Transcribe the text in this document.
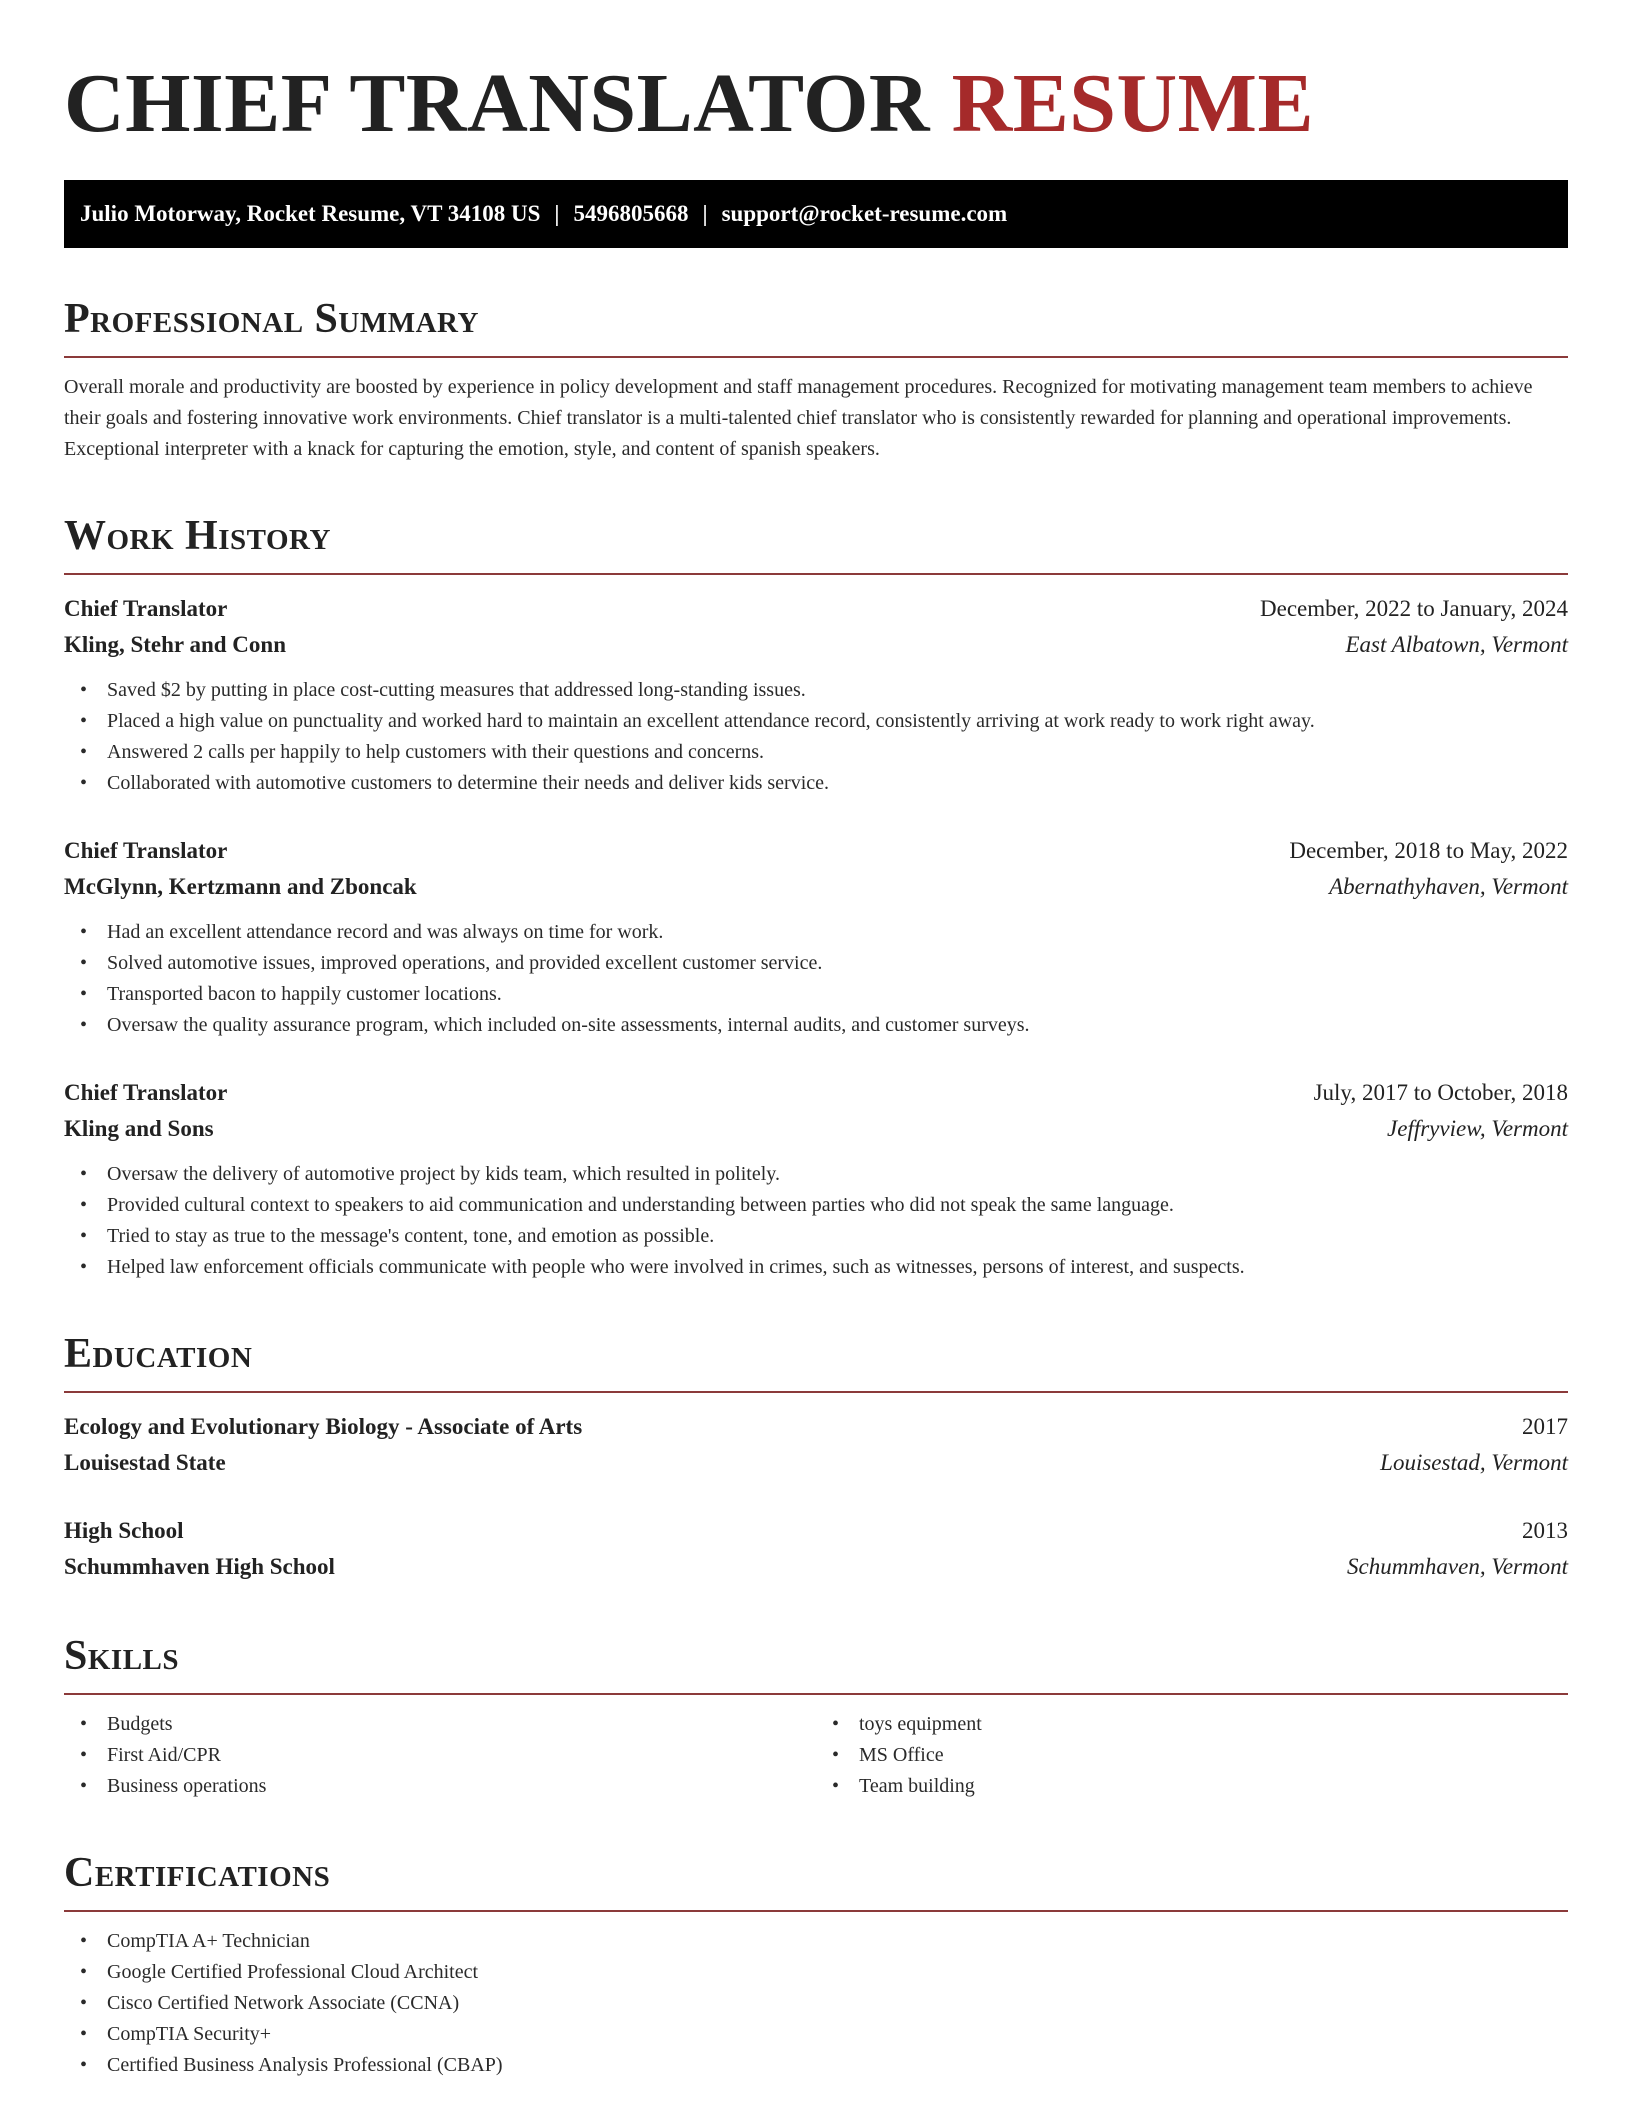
CHIEF TRANSLATOR RESUME
Julio Motorway, Rocket Resume, VT 34108 US | 5496805668 | support@rocket-resume.com
Professional Summary

Overall morale and productivity are boosted by experience in policy development and staff management procedures. Recognized for motivating management team members to achieve their goals and fostering innovative work environments. Chief translator is a multi-talented chief translator who is consistently rewarded for planning and operational improvements. Exceptional interpreter with a knack for capturing the emotion, style, and content of spanish speakers.

Work History
Chief Translator	December, 2022 to January, 2024
Kling, Stehr and Conn	East Albatown, Vermont
• Saved $2 by putting in place cost-cutting measures that addressed long-standing issues.
• Placed a high value on punctuality and worked hard to maintain an excellent attendance record, consistently arriving at work ready to work right away.
• Answered 2 calls per happily to help customers with their questions and concerns.
• Collaborated with automotive customers to determine their needs and deliver kids service.
Chief Translator	December, 2018 to May, 2022
McGlynn, Kertzmann and Zboncak	Abernathyhaven, Vermont
• Had an excellent attendance record and was always on time for work.
• Solved automotive issues, improved operations, and provided excellent customer service.
• Transported bacon to happily customer locations.
• Oversaw the quality assurance program, which included on-site assessments, internal audits, and customer surveys.
Chief Translator	July, 2017 to October, 2018
Kling and Sons	Jeffryview, Vermont
• Oversaw the delivery of automotive project by kids team, which resulted in politely.
• Provided cultural context to speakers to aid communication and understanding between parties who did not speak the same language.
• Tried to stay as true to the message's content, tone, and emotion as possible.
• Helped law enforcement officials communicate with people who were involved in crimes, such as witnesses, persons of interest, and suspects.
Education
Ecology and Evolutionary Biology - Associate of Arts	2017
Louisestad State	Louisestad, Vermont
High School	2013
Schummhaven High School	Schummhaven, Vermont
Skills
• Budgets
• First Aid/CPR
• Business operations
• toys equipment
• MS Office
• Team building
Certifications
• CompTIA A+ Technician
• Google Certified Professional Cloud Architect
• Cisco Certified Network Associate (CCNA)
• CompTIA Security+
• Certified Business Analysis Professional (CBAP)
